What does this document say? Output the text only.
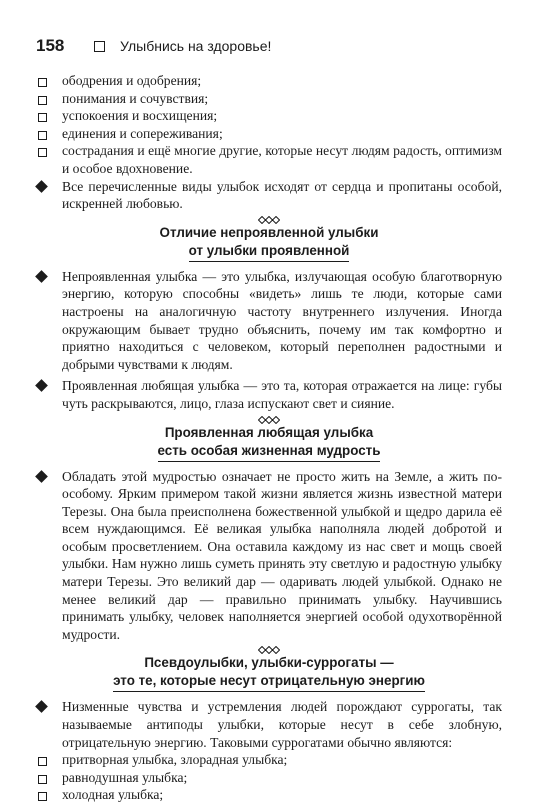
158	Улыбнись на здоровье!

ободрения и одобрения;

понимания и сочувствия;

успокоения и восхищения;

единения и сопереживания;

сострадания и ещё многие другие, которые несут людям радость, оптимизм и особое вдохновение.

Все перечисленные виды улыбок исходят от сердца и пропитаны особой, искренней любовью.

Отличие непроявленной улыбки
от улыбки проявленной

Непроявленная улыбка — это улыбка, излучающая особую благотворную энергию, которую способны «видеть» лишь те люди, которые сами настроены на аналогичную частоту внутреннего излучения. Иногда окружающим бывает трудно объяснить, почему им так комфортно и приятно находиться с человеком, который переполнен радостными и добрыми чувствами к людям.

Проявленная любящая улыбка — это та, которая отражается на лице: губы чуть раскрываются, лицо, глаза испускают свет и сияние.

Проявленная любящая улыбка
есть особая жизненная мудрость

Обладать этой мудростью означает не просто жить на Земле, а жить по-особому. Ярким примером такой жизни является жизнь известной матери Терезы. Она была преисполнена божественной улыбкой и щедро дарила её всем нуждающимся. Её великая улыбка наполняла людей добротой и особым просветлением. Она оставила каждому из нас свет и мощь своей улыбки. Нам нужно лишь суметь принять эту светлую и радостную улыбку матери Терезы. Это великий дар — одаривать людей улыбкой. Однако не менее великий дар — правильно принимать улыбку. Научившись принимать улыбку, человек наполняется энергией особой одухотворённой мудрости.

Псевдоулыбки, улыбки-суррогаты —
это те, которые несут отрицательную энергию

Низменные чувства и устремления людей порождают суррогаты, так называемые антиподы улыбки, которые несут в себе злобную, отрицательную энергию. Таковыми суррогатами обычно являются:

притворная улыбка, злорадная улыбка;

равнодушная улыбка;

холодная улыбка;
